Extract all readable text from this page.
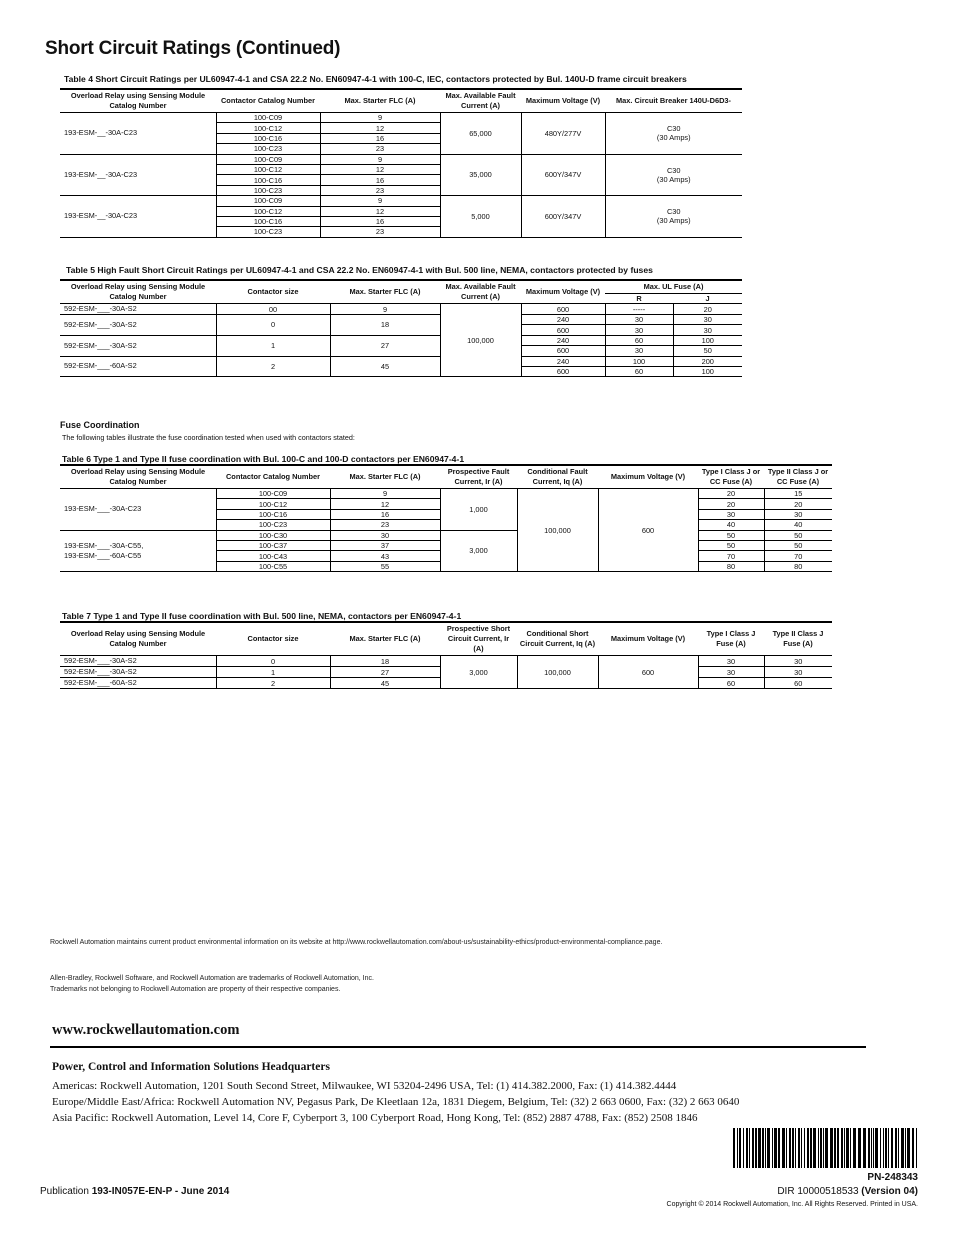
Short Circuit Ratings (Continued)
Table 4 Short Circuit Ratings per UL60947-4-1 and CSA 22.2 No. EN60947-4-1 with 100-C, IEC, contactors protected by Bul. 140U-D frame circuit breakers
Overload Relay using Sensing Module Catalog Number	Contactor Catalog Number	Max. Starter FLC (A)	Max. Available Fault Current (A)	Maximum Voltage (V)	Max. Circuit Breaker 140U-D6D3-
193-ESM-__-30A-C23	100-C09	9	65,000	480Y/277V	C30
(30 Amps)
	100-C12	12			
	100-C16	16			
	100-C23	23			
193-ESM-__-30A-C23	100-C09	9	35,000	600Y/347V	C30
(30 Amps)
	100-C12	12			
	100-C16	16			
	100-C23	23			
193-ESM-__-30A-C23	100-C09	9	5,000	600Y/347V	C30
(30 Amps)
	100-C12	12			
	100-C16	16			
	100-C23	23			
Table 5 High Fault Short Circuit Ratings per UL60947-4-1 and CSA 22.2 No. EN60947-4-1 with Bul. 500 line, NEMA, contactors protected by fuses
Overload Relay using Sensing Module Catalog Number	Contactor size	Max. Starter FLC (A)	Max. Available Fault Current (A)	Maximum Voltage (V)	Max. UL Fuse (A)	
					R	J
592-ESM-___-30A-S2	00	9	100,000	600	-----	20
592-ESM-___-30A-S2	0	18		240	30	30
				600	30	30
592-ESM-___-30A-S2	1	27		240	60	100
				600	30	50
592-ESM-___-60A-S2	2	45		240	100	200
				600	60	100
Fuse Coordination
The following tables illustrate the fuse coordination tested when used with contactors stated:
Table 6 Type 1 and Type II fuse coordination with Bul. 100-C and 100-D contactors per EN60947-4-1
Overload Relay using Sensing Module Catalog Number	Contactor Catalog Number	Max. Starter FLC (A)	Prospective Fault Current, Ir (A)	Conditional Fault Current, Iq (A)	Maximum Voltage (V)	Type I Class J or CC Fuse (A)	Type II Class J or CC Fuse (A)
193-ESM-___-30A-C23	100-C09	9	1,000	100,000	600	20	15
	100-C12	12				20	20
	100-C16	16				30	30
	100-C23	23				40	40
193-ESM-___-30A-C55,
193-ESM-___-60A-C55	100-C30	30	3,000			50	50
	100-C37	37				50	50
	100-C43	43				70	70
	100-C55	55				80	80
Table 7 Type 1 and Type II fuse coordination with Bul. 500 line, NEMA, contactors per EN60947-4-1
Overload Relay using Sensing Module Catalog Number	Contactor size	Max. Starter FLC (A)	Prospective Short Circuit Current, Ir (A)	Conditional Short Circuit Current, Iq (A)	Maximum Voltage (V)	Type I Class J Fuse (A)	Type II Class J Fuse (A)
592-ESM-___-30A-S2	0	18	3,000	100,000	600	30	30
592-ESM-___-30A-S2	1	27				30	30
592-ESM-___-60A-S2	2	45				60	60
Rockwell Automation maintains current product environmental information on its website at http://www.rockwellautomation.com/about-us/sustainability-ethics/product-environmental-compliance.page.
Allen-Bradley, Rockwell Software, and Rockwell Automation are trademarks of Rockwell Automation, Inc.
Trademarks not belonging to Rockwell Automation are property of their respective companies.
www.rockwellautomation.com
Power, Control and Information Solutions Headquarters
Americas: Rockwell Automation, 1201 South Second Street, Milwaukee, WI 53204-2496 USA, Tel: (1) 414.382.2000, Fax: (1) 414.382.4444
Europe/Middle East/Africa: Rockwell Automation NV, Pegasus Park, De Kleetlaan 12a, 1831 Diegem, Belgium, Tel: (32) 2 663 0600, Fax: (32) 2 663 0640
Asia Pacific: Rockwell Automation, Level 14, Core F, Cyberport 3, 100 Cyberport Road, Hong Kong, Tel: (852) 2887 4788, Fax: (852) 2508 1846
PN-248343
Publication 193-IN057E-EN-P - June 2014	DIR 10000518533 (Version 04)
Copyright © 2014 Rockwell Automation, Inc. All Rights Reserved. Printed in USA.
